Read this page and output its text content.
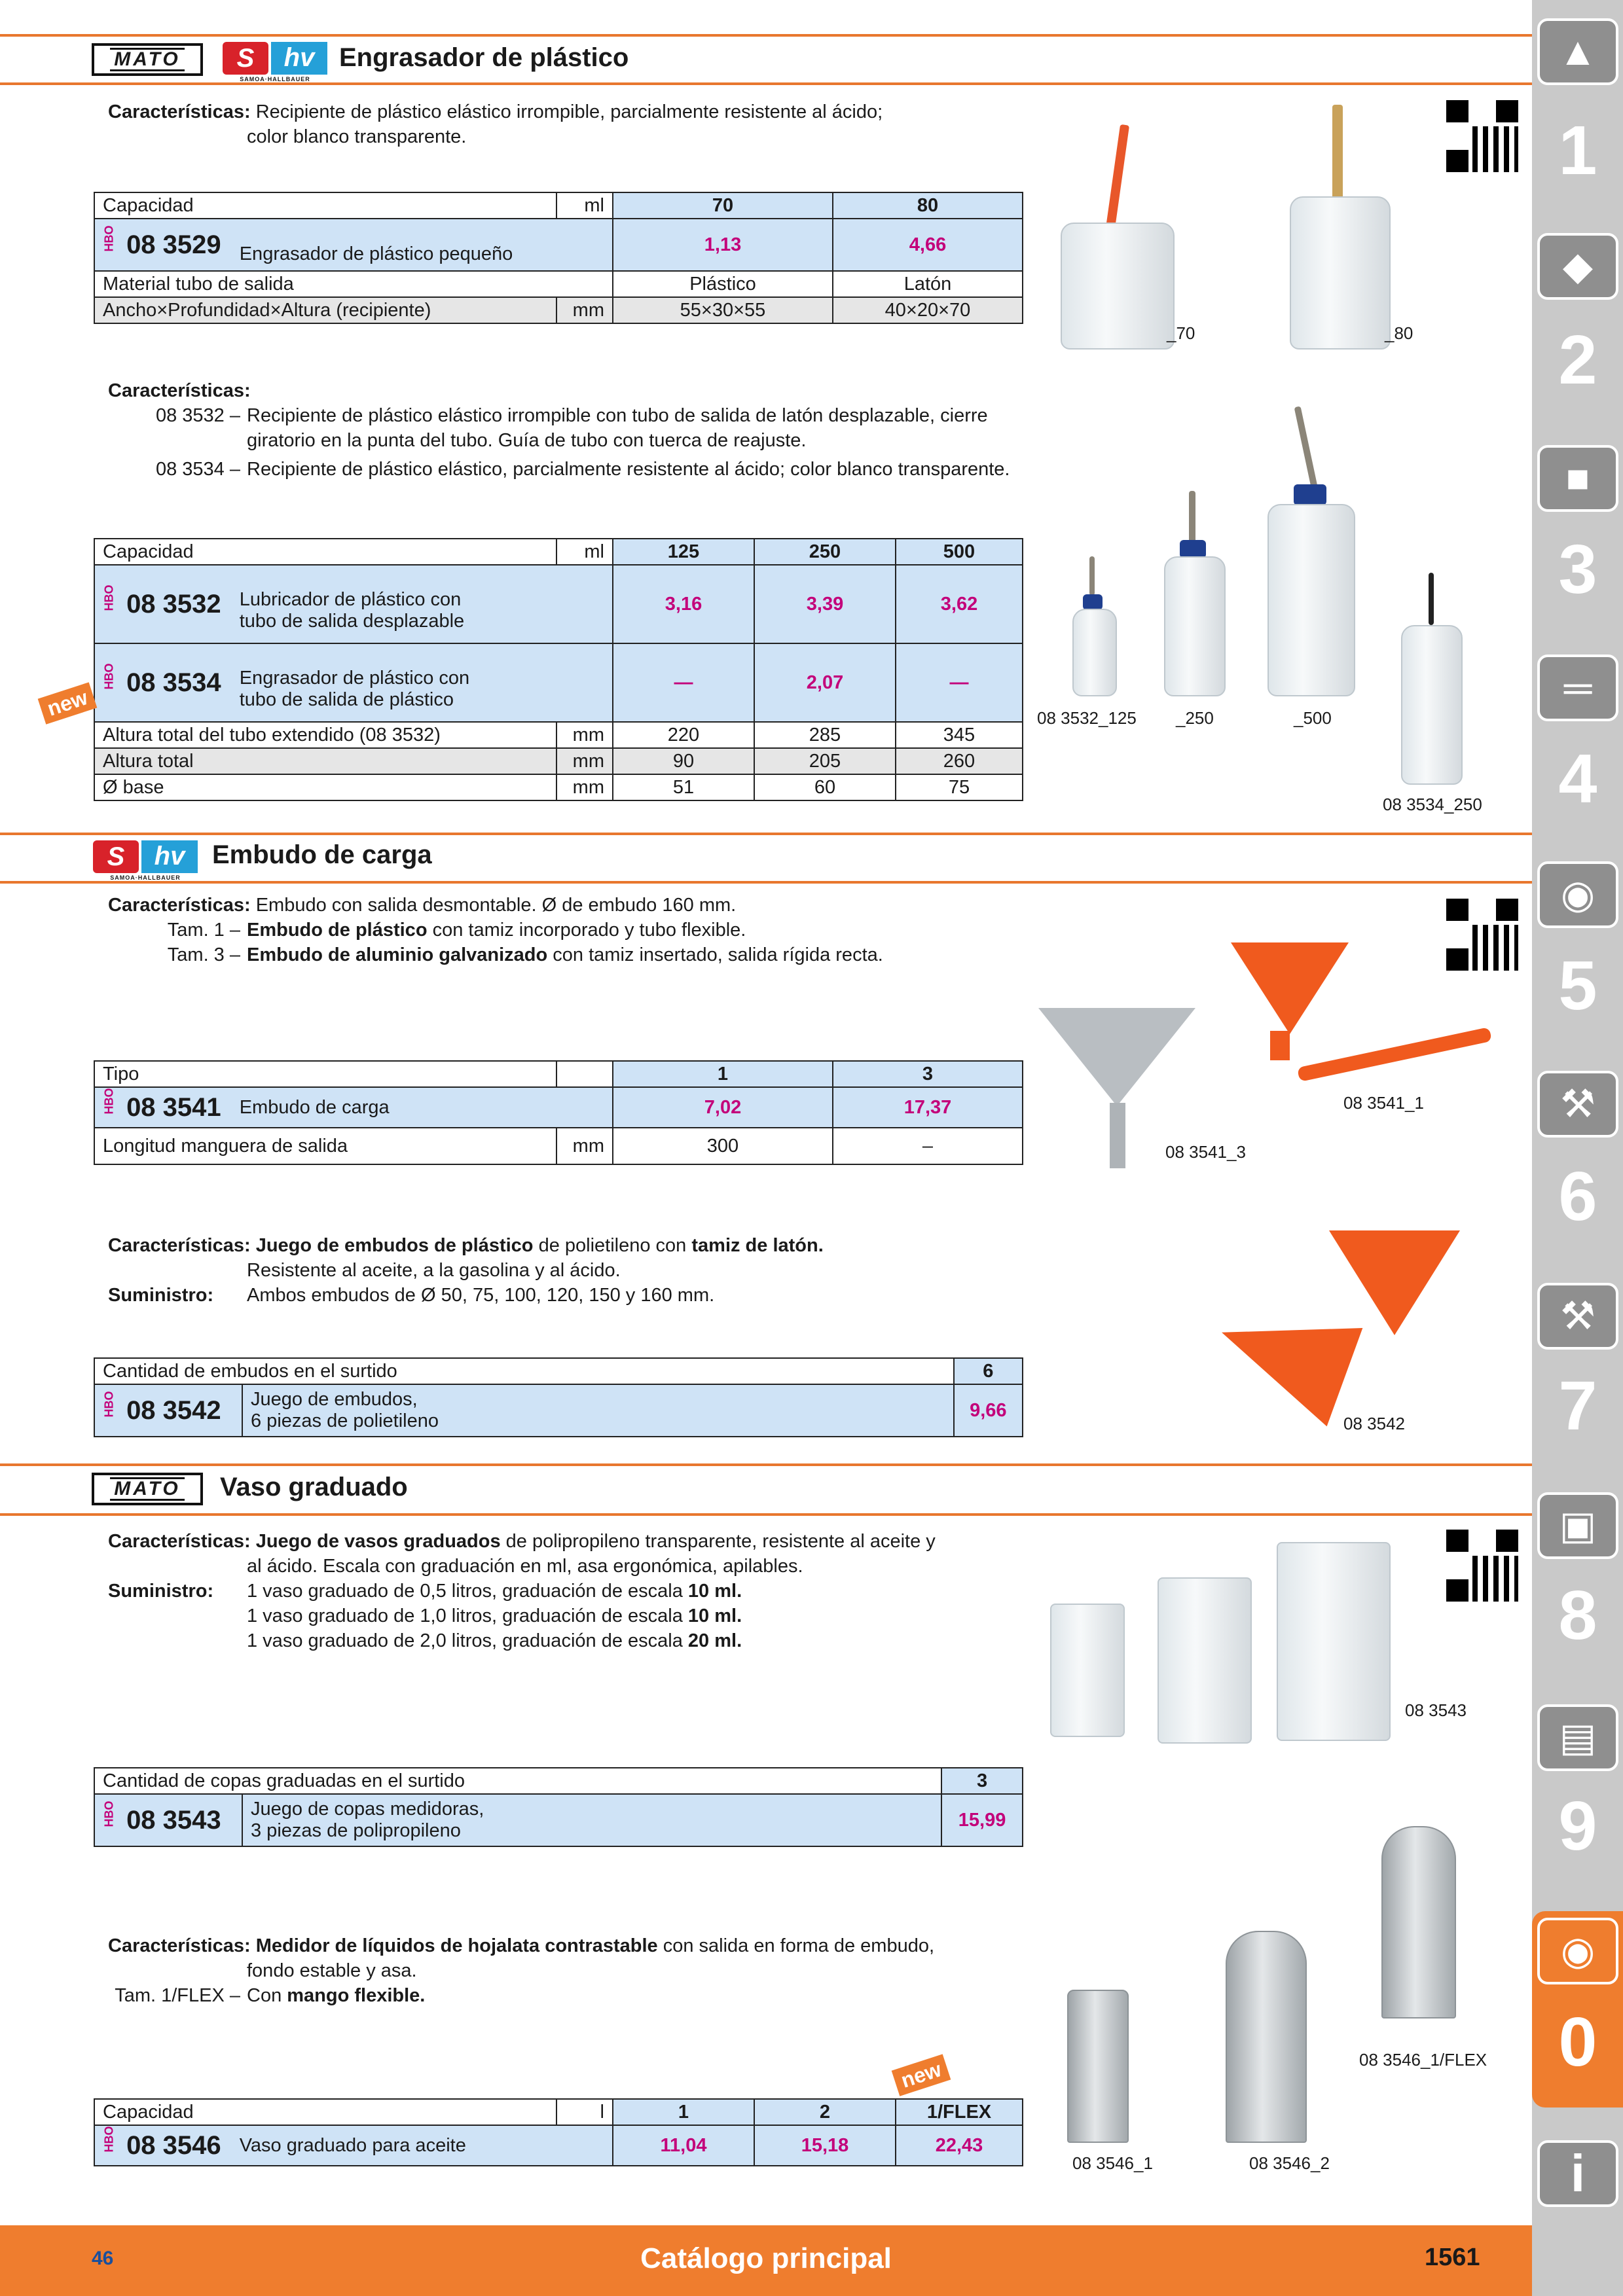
MATO	S	hv
SAMOA·HALLBAUER
Engrasador de plástico
Características: Recipiente de plástico elástico irrompible, parcialmente resistente al ácido;
color blanco transparente.
Capacidad	ml	70	80
HBO 08 3529 Engrasador de plástico pequeño		1,13	4,66
Material tubo de salida		Plástico	Latón
Ancho×Profundidad×Altura (recipiente)	mm	55×30×55	40×20×70
_70	_80
Características:
08 3532 – Recipiente de plástico elástico irrompible con tubo de salida de latón desplazable, cierre
giratorio en la punta del tubo. Guía de tubo con tuerca de reajuste.
08 3534 – Recipiente de plástico elástico, parcialmente resistente al ácido; color blanco transparente.
Capacidad	ml	125	250	500
HBO 08 3532 Lubricador de plástico con
tubo de salida desplazable		3,16	3,39	3,62
HBO 08 3534 Engrasador de plástico con
tubo de salida de plástico		—	2,07	—
Altura total del tubo extendido (08 3532)	mm	220	285	345
Altura total	mm	90	205	260
Ø base	mm	51	60	75
new	08 3532_125 _250	_500
08 3534_250
S	hv
SAMOA·HALLBAUER
Embudo de carga
Características: Embudo con salida desmontable. Ø de embudo 160 mm.
Tam. 1 – Embudo de plástico con tamiz incorporado y tubo flexible.
Tam. 3 – Embudo de aluminio galvanizado con tamiz insertado, salida rígida recta.
Tipo		1	3
HBO 08 3541 Embudo de carga		7,02	17,37
Longitud manguera de salida	mm	300	–
08 3541_1
08 3541_3
Características: Juego de embudos de plástico de polietileno con tamiz de latón.
Resistente al aceite, a la gasolina y al ácido.
Suministro: Ambos embudos de Ø 50, 75, 100, 120, 150 y 160 mm.
Cantidad de embudos en el surtido		6
HBO 08 3542	Juego de embudos,
6 piezas de polietileno	9,66
08 3542
MATO Vaso graduado
Características: Juego de vasos graduados de polipropileno transparente, resistente al aceite y
al ácido. Escala con graduación en ml, asa ergonómica, apilables.
Suministro: 1 vaso graduado de 0,5 litros, graduación de escala 10 ml.
1 vaso graduado de 1,0 litros, graduación de escala 10 ml.
1 vaso graduado de 2,0 litros, graduación de escala 20 ml.
08 3543
Cantidad de copas graduadas en el surtido		3
HBO 08 3543	Juego de copas medidoras,
3 piezas de polipropileno	15,99
Características: Medidor de líquidos de hojalata contrastable con salida en forma de embudo,
fondo estable y asa.
Tam. 1/FLEX – Con mango flexible.
Capacidad	l	1	2	1/FLEX
HBO 08 3546 Vaso graduado para aceite		11,04	15,18	22,43
new
08 3546_1	08 3546_2
08 3546_1/FLEX
46	Catálogo principal	1561
▲
1
◆
2
■
3
═
4
◉
5
⚒
6
⚒
7
▣
8
▤
9
◉
0
i
